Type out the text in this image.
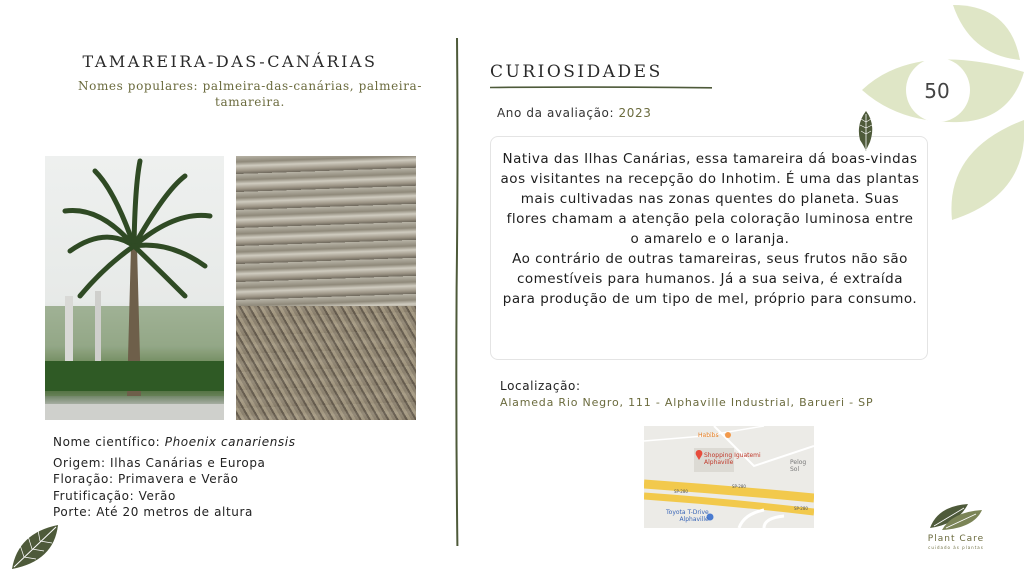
TAMAREIRA-DAS-CANÁRIAS
Nomes populares: palmeira-das-canárias, palmeira-tamareira.
Nome científico: Phoenix canariensis
Origem: Ilhas Canárias e Europa
Floração: Primavera e Verão
Frutificação: Verão
Porte: Até 20 metros de altura
CURIOSIDADES
Ano da avaliação: 2023
Nativa das Ilhas Canárias, essa tamareira dá boas-vindas aos visitantes na recepção do Inhotim. É uma das plantas mais cultivadas nas zonas quentes do planeta. Suas flores chamam a atenção pela coloração luminosa entre o amarelo e o laranja.
Ao contrário de outras tamareiras, seus frutos não são comestíveis para humanos. Já a sua seiva, é extraída para produção de um tipo de mel, próprio para consumo.
Localização:
Alameda Rio Negro, 111 - Alphaville Industrial, Barueri - SP
Habibs
Shopping Iguatemi
Alphaville	Pelog Sol
SP-280
SP-280
SP-280
Toyota T-Drive
Alphaville
50
Plant Care
cuidado às plantas
